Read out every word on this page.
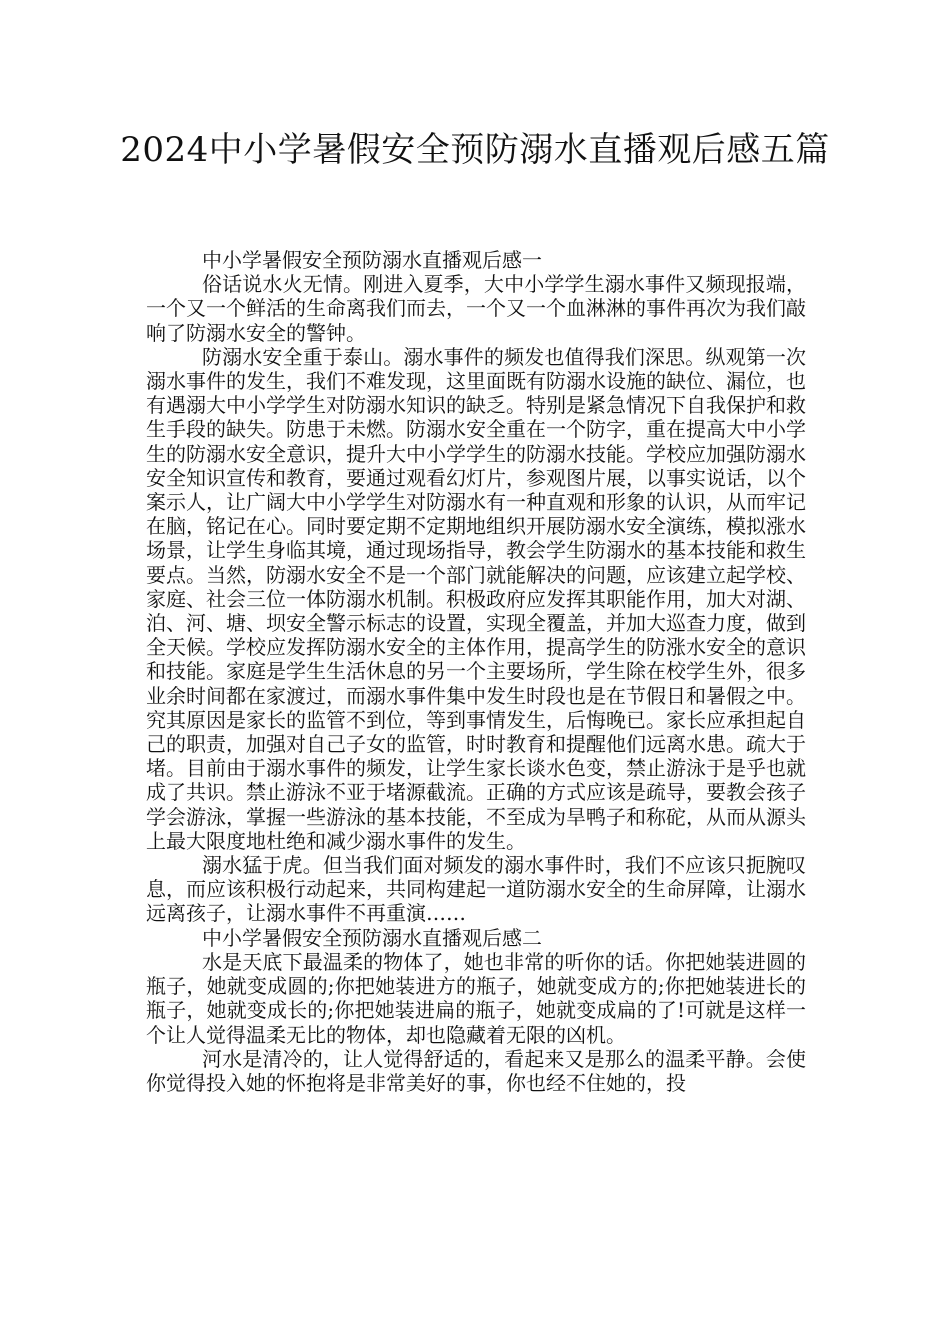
2024中小学暑假安全预防溺水直播观后感五篇

中小学暑假安全预防溺水直播观后感一

俗话说水火无情。刚进入夏季，大中小学学生溺水事件又频现报端，一个又一个鲜活的生命离我们而去，一个又一个血淋淋的事件再次为我们敲响了防溺水安全的警钟。

防溺水安全重于泰山。溺水事件的频发也值得我们深思。纵观第一次溺水事件的发生，我们不难发现，这里面既有防溺水设施的缺位、漏位，也有遇溺大中小学学生对防溺水知识的缺乏。特别是紧急情况下自我保护和救生手段的缺失。防患于未燃。防溺水安全重在一个防字，重在提高大中小学生的防溺水安全意识，提升大中小学学生的防溺水技能。学校应加强防溺水安全知识宣传和教育，要通过观看幻灯片，参观图片展，以事实说话，以个案示人，让广阔大中小学学生对防溺水有一种直观和形象的认识，从而牢记在脑，铭记在心。同时要定期不定期地组织开展防溺水安全演练，模拟涨水场景，让学生身临其境，通过现场指导，教会学生防溺水的基本技能和救生要点。当然，防溺水安全不是一个部门就能解决的问题，应该建立起学校、家庭、社会三位一体防溺水机制。积极政府应发挥其职能作用，加大对湖、泊、河、塘、坝安全警示标志的设置，实现全覆盖，并加大巡查力度，做到全天候。学校应发挥防溺水安全的主体作用，提高学生的防涨水安全的意识和技能。家庭是学生生活休息的另一个主要场所，学生除在校学生外，很多业余时间都在家渡过，而溺水事件集中发生时段也是在节假日和暑假之中。究其原因是家长的监管不到位，等到事情发生，后悔晚已。家长应承担起自己的职责，加强对自己子女的监管，时时教育和提醒他们远离水患。疏大于堵。目前由于溺水事件的频发，让学生家长谈水色变，禁止游泳于是乎也就成了共识。禁止游泳不亚于堵源截流。正确的方式应该是疏导，要教会孩子学会游泳，掌握一些游泳的基本技能，不至成为旱鸭子和称砣，从而从源头上最大限度地杜绝和减少溺水事件的发生。

溺水猛于虎。但当我们面对频发的溺水事件时，我们不应该只扼腕叹息，而应该积极行动起来，共同构建起一道防溺水安全的生命屏障，让溺水远离孩子，让溺水事件不再重演……

中小学暑假安全预防溺水直播观后感二

水是天底下最温柔的物体了，她也非常的听你的话。你把她装进圆的瓶子，她就变成圆的;你把她装进方的瓶子，她就变成方的;你把她装进长的瓶子，她就变成长的;你把她装进扁的瓶子，她就变成扁的了!可就是这样一个让人觉得温柔无比的物体，却也隐藏着无限的凶机。

河水是清冷的，让人觉得舒适的，看起来又是那么的温柔平静。会使你觉得投入她的怀抱将是非常美好的事，你也经不住她的，投
